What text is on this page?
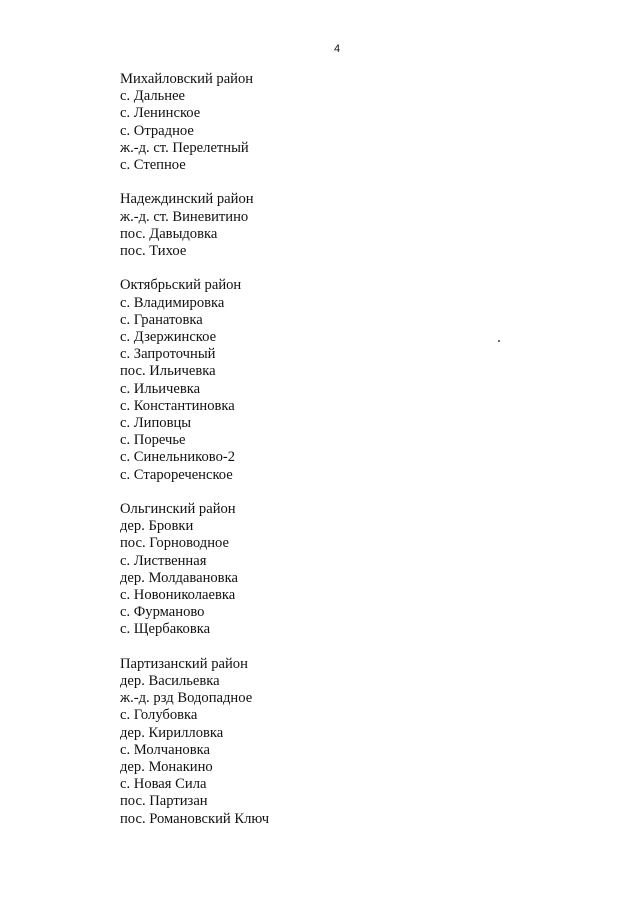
4
Михайловский район
с. Дальнее
с. Ленинское
с. Отрадное
ж.-д. ст. Перелетный
с. Степное
Надеждинский район
ж.-д. ст. Виневитино
пос. Давыдовка
пос. Тихое
Октябрьский район
с. Владимировка
с. Гранатовка
с. Дзержинское
с. Запроточный
пос. Ильичевка
с. Ильичевка
с. Константиновка
с. Липовцы
с. Поречье
с. Синельниково-2
с. Старореченское
Ольгинский район
дер. Бровки
пос. Горноводное
с. Лиственная
дер. Молдавановка
с. Новониколаевка
с. Фурманово
с. Щербаковка
Партизанский район
дер. Васильевка
ж.-д. рзд Водопадное
с. Голубовка
дер. Кирилловка
с. Молчановка
дер. Монакино
с. Новая Сила
пос. Партизан
пос. Романовский Ключ
